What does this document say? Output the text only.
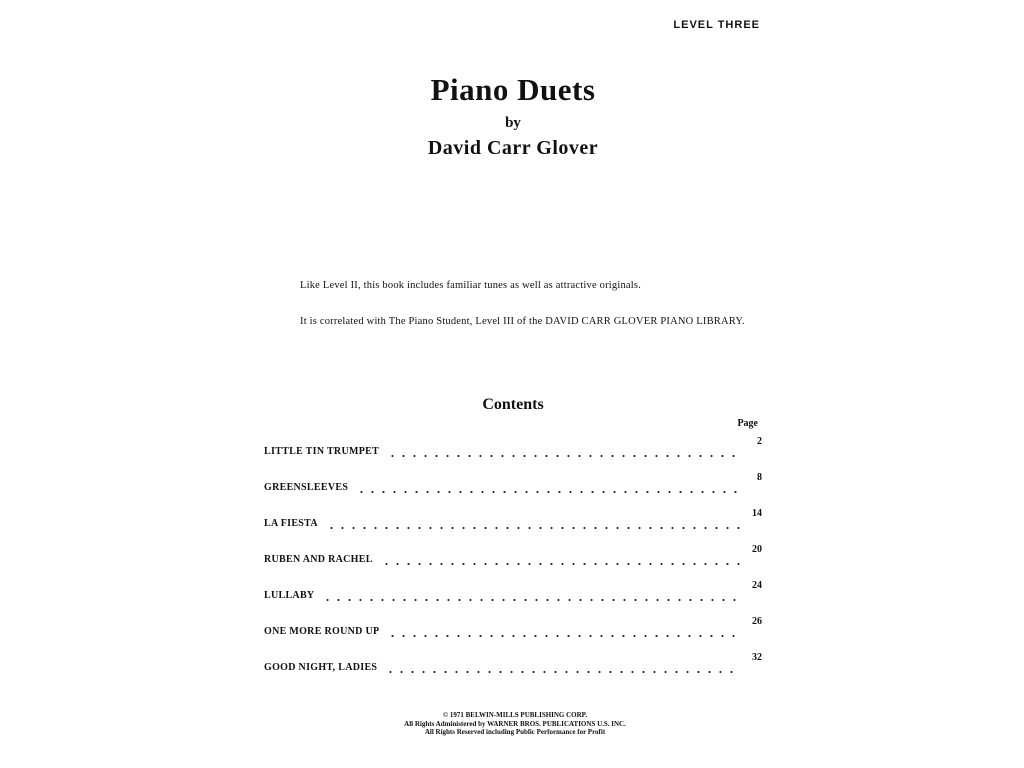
LEVEL THREE
Piano Duets
by
David Carr Glover
Like Level II, this book includes familiar tunes as well as attractive originals.
It is correlated with The Piano Student, Level III of the DAVID CARR GLOVER PIANO LIBRARY.
Contents
Page
LITTLE TIN TRUMPET
2
GREENSLEEVES
8
LA FIESTA
14
RUBEN AND RACHEL
20
LULLABY
24
ONE MORE ROUND UP
26
GOOD NIGHT, LADIES
32
© 1971 BELWIN-MILLS PUBLISHING CORP.
All Rights Administered by WARNER BROS. PUBLICATIONS U.S. INC.
All Rights Reserved including Public Performance for Profit
